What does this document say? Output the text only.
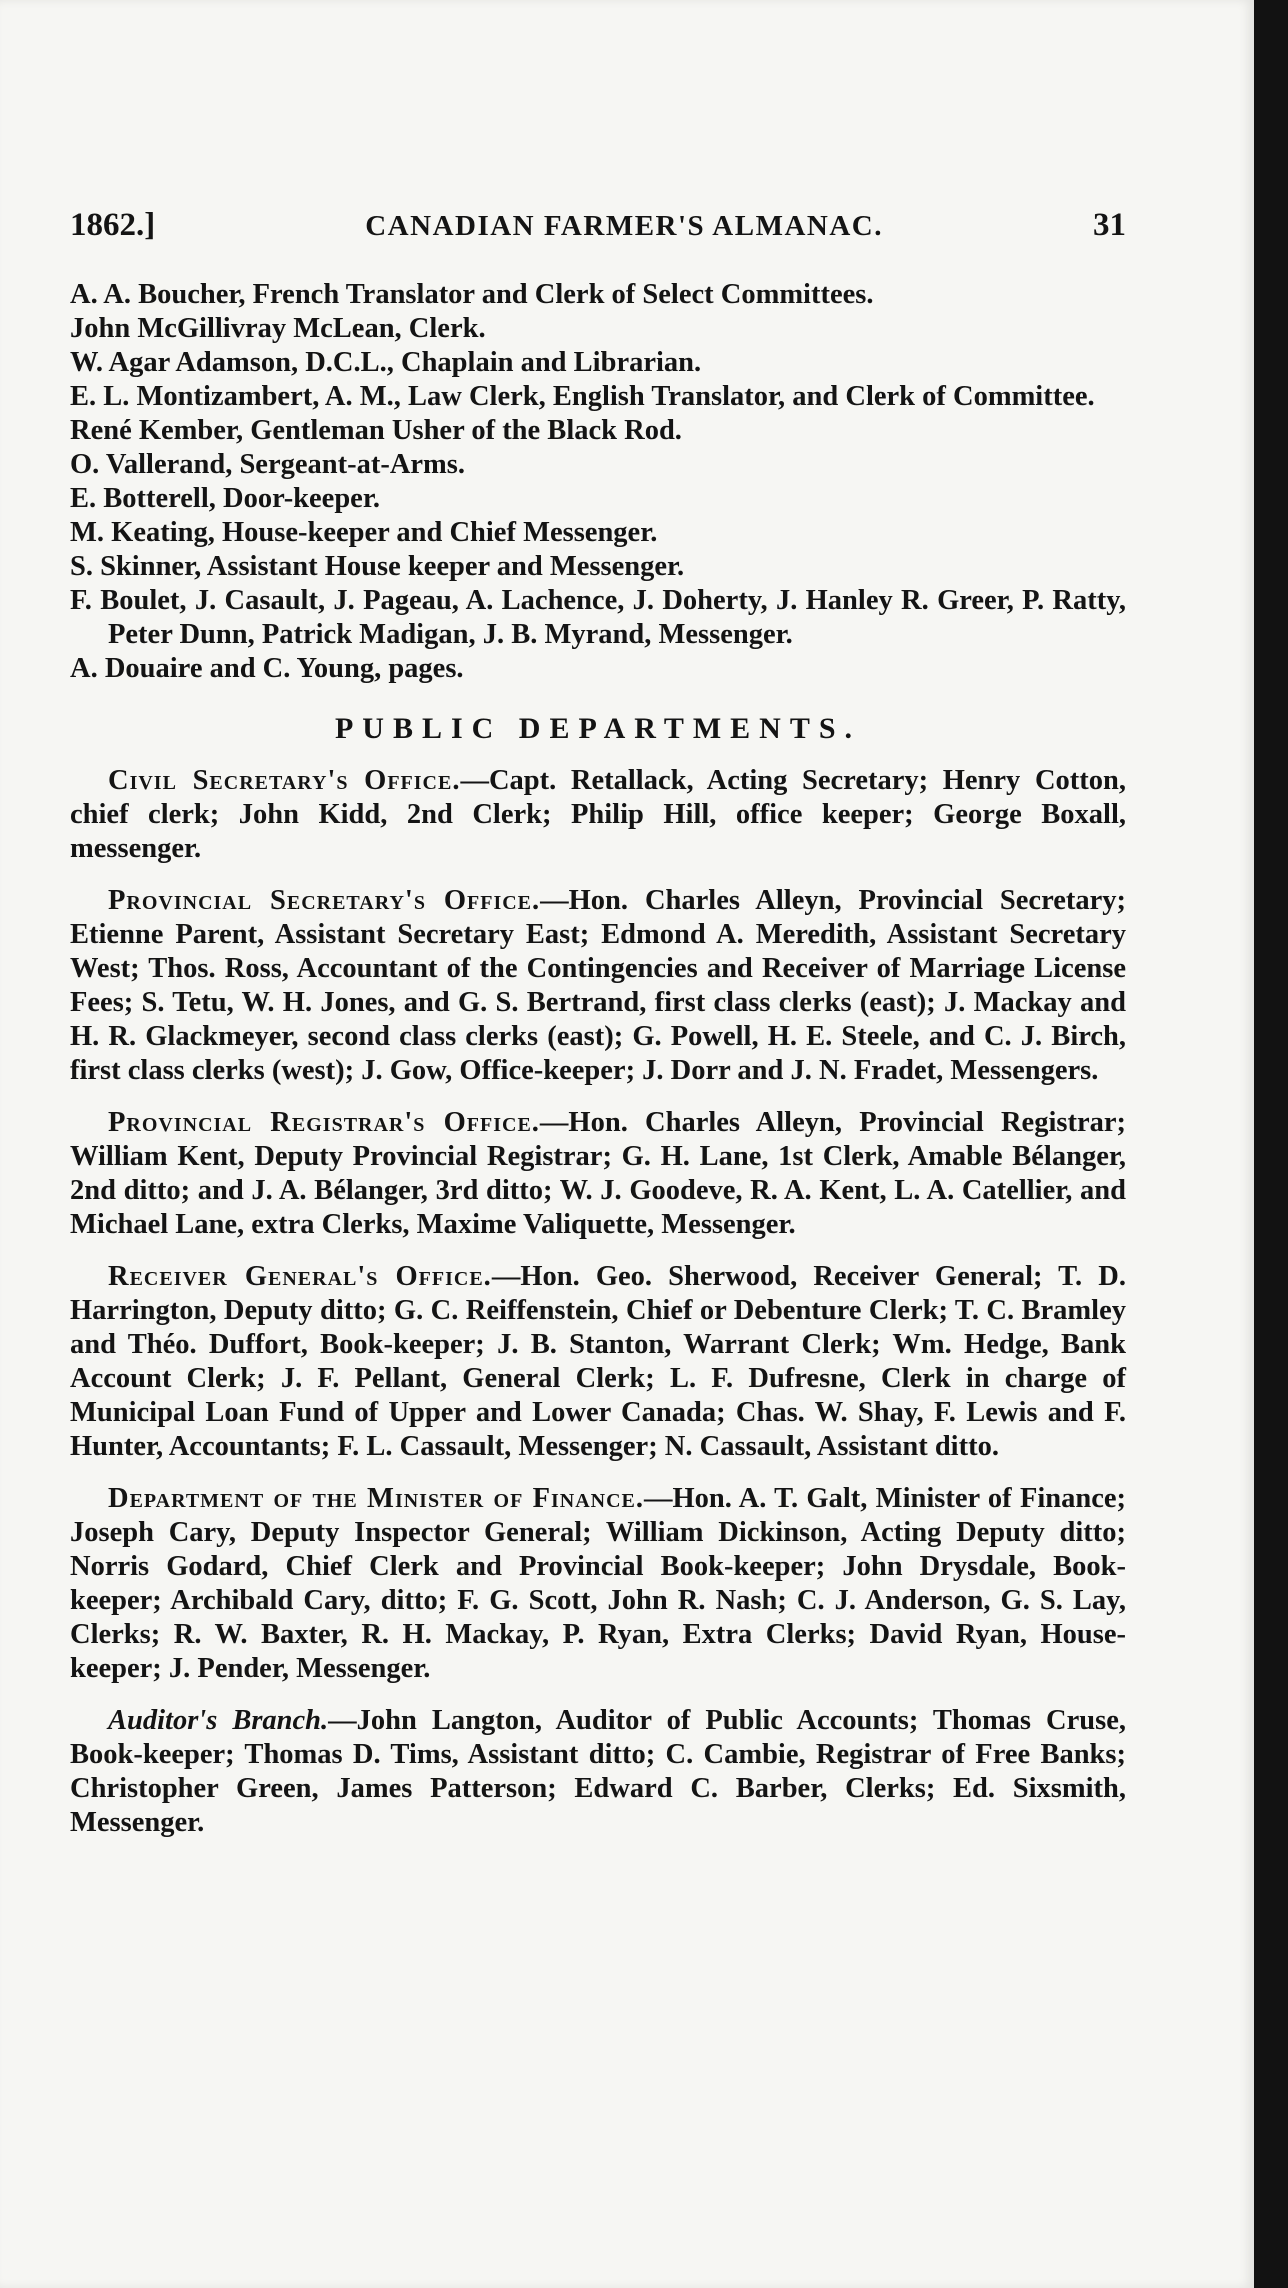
1862.]	CANADIAN FARMER'S ALMANAC.	31
A. A. Boucher, French Translator and Clerk of Select Committees.
John McGillivray McLean, Clerk.
W. Agar Adamson, D.C.L., Chaplain and Librarian.
E. L. Montizambert, A. M., Law Clerk, English Translator, and Clerk of Committee.
René Kember, Gentleman Usher of the Black Rod.
O. Vallerand, Sergeant-at-Arms.
E. Botterell, Door-keeper.
M. Keating, House-keeper and Chief Messenger.
S. Skinner, Assistant House keeper and Messenger.
F. Boulet, J. Casault, J. Pageau, A. Lachence, J. Doherty, J. Hanley R. Greer, P. Ratty, Peter Dunn, Patrick Madigan, J. B. Myrand, Messenger.
A. Douaire and C. Young, pages.
PUBLIC DEPARTMENTS.

Civil Secretary's Office.—Capt. Retallack, Acting Secretary; Henry Cotton, chief clerk; John Kidd, 2nd Clerk; Philip Hill, office keeper; George Boxall, messenger.

Provincial Secretary's Office.—Hon. Charles Alleyn, Provincial Secretary; Etienne Parent, Assistant Secretary East; Edmond A. Meredith, Assistant Secretary West; Thos. Ross, Accountant of the Contingencies and Receiver of Marriage License Fees; S. Tetu, W. H. Jones, and G. S. Bertrand, first class clerks (east); J. Mackay and H. R. Glackmeyer, second class clerks (east); G. Powell, H. E. Steele, and C. J. Birch, first class clerks (west); J. Gow, Office-keeper; J. Dorr and J. N. Fradet, Messengers.

Provincial Registrar's Office.—Hon. Charles Alleyn, Provincial Registrar; William Kent, Deputy Provincial Registrar; G. H. Lane, 1st Clerk, Amable Bélanger, 2nd ditto; and J. A. Bélanger, 3rd ditto; W. J. Goodeve, R. A. Kent, L. A. Catellier, and Michael Lane, extra Clerks, Maxime Valiquette, Messenger.

Receiver General's Office.—Hon. Geo. Sherwood, Receiver General; T. D. Harrington, Deputy ditto; G. C. Reiffenstein, Chief or Debenture Clerk; T. C. Bramley and Théo. Duffort, Book-keeper; J. B. Stanton, Warrant Clerk; Wm. Hedge, Bank Account Clerk; J. F. Pellant, General Clerk; L. F. Dufresne, Clerk in charge of Municipal Loan Fund of Upper and Lower Canada; Chas. W. Shay, F. Lewis and F. Hunter, Accountants; F. L. Cassault, Messenger; N. Cassault, Assistant ditto.

Department of the Minister of Finance.—Hon. A. T. Galt, Minister of Finance; Joseph Cary, Deputy Inspector General; William Dickinson, Acting Deputy ditto; Norris Godard, Chief Clerk and Provincial Book-keeper; John Drysdale, Book-keeper; Archibald Cary, ditto; F. G. Scott, John R. Nash; C. J. Anderson, G. S. Lay, Clerks; R. W. Baxter, R. H. Mackay, P. Ryan, Extra Clerks; David Ryan, House-keeper; J. Pender, Messenger.

Auditor's Branch.—John Langton, Auditor of Public Accounts; Thomas Cruse, Book-keeper; Thomas D. Tims, Assistant ditto; C. Cambie, Registrar of Free Banks; Christopher Green, James Patterson; Edward C. Barber, Clerks; Ed. Sixsmith, Messenger.
